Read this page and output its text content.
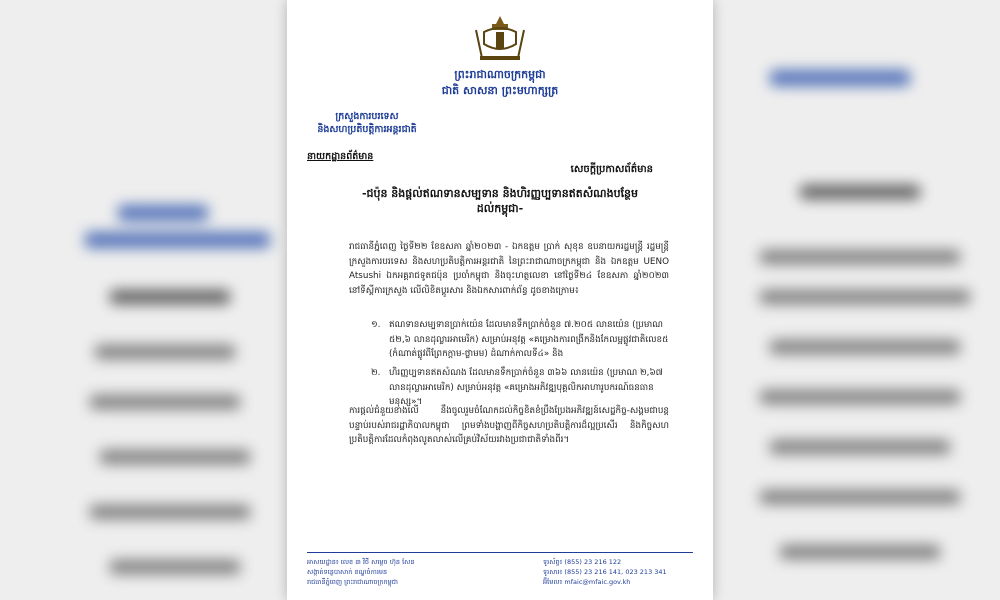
ព្រះរាជាណាចក្រកម្ពុជា
ជាតិ សាសនា ព្រះមហាក្សត្រ
ក្រសួងការបរទេស
និងសហប្រតិបត្តិការអន្តរជាតិ
នាយកដ្ឋានព័ត៌មាន
សេចក្តីប្រកាសព័ត៌មាន
-ជប៉ុន និងផ្តល់ឥណទានសម្បទាន និងហិរញ្ញប្បទានឥតសំណងបន្ថែម
ដល់កម្ពុជា-
រាជធានីភ្នំពេញ ថ្ងៃទី២២ ខែឧសភា ឆ្នាំ២០២៣ - ឯកឧត្តម ប្រាក់ សុខុន ឧបនាយករដ្ឋមន្ត្រី រដ្ឋមន្ត្រីក្រសួងការបរទេស និងសហប្រតិបត្តិការអន្តរជាតិ នៃព្រះរាជាណាចក្រកម្ពុជា និង ឯកឧត្តម UENO Atsushi ឯកអគ្គរាជទូតជប៉ុន ប្រចាំកម្ពុជា និងចុះហត្ថលេខា នៅថ្ងៃទី២៤ ខែឧសភា ឆ្នាំ២០២៣ នៅទីស្តីការក្រសួង លើលិខិតប្តូរសារ និងឯកសារពាក់ព័ន្ធ ដូចខាងក្រោម៖
១. ឥណទានសម្បទានប្រាក់យ៉េន ដែលមានទឹកប្រាក់ចំនួន ៧.២០៥ លានយ៉េន (ប្រមាណ ៥២,៦ លានដុល្លារអាមេរិក) សម្រាប់អនុវត្ត «គម្រោងការពង្រីកនិងកែលម្អផ្លូវជាតិលេខ៥ (កំណាត់ផ្លូវពីព្រែកក្តាម-ថ្លាមម) ដំណាក់កាលទី៤» និង
២. ហិរញ្ញប្បទានឥតសំណង ដែលមានទឹកប្រាក់ចំនួន ៣៦៦ លានយ៉េន (ប្រមាណ ២,៦៧ លានដុល្លារអាមេរិក) សម្រាប់អនុវត្ត «គម្រោងអភិវឌ្ឍបុគ្គលិកអាហារូបករណ៍ធនធានមនុស្ស»។
ការផ្តល់ជំនួយខាងលើ នឹងចូលរួមចំណែកដល់កិច្ចខិតខំប្រឹងប្រែងអភិវឌ្ឍន៍សេដ្ឋកិច្ច-សង្គមជាបន្តបន្ទាប់របស់រាជរដ្ឋាភិបាលកម្ពុជា ព្រមទាំងបង្ហាញពីកិច្ចសហប្រតិបត្តិការដ៏ល្អប្រសើរ និងកិច្ចសហប្រតិបត្តិការដែលកំពុងលូតលាស់លើគ្រប់វិស័យរវាងប្រជាជាតិទាំងពីរ។
អាសយដ្ឋាន៖ លេខ ៣ វិថី សម្តេច ហ៊ុន សែន
សង្កាត់ទន្លេបាសាក់ ខណ្ឌចំការមន
រាជធានីភ្នំពេញ ព្រះរាជាណាចក្រកម្ពុជា
ទូរស័ព្ទ៖ (855) 23 216 122
ទូរសារ៖ (855) 23 216 141, 023 213 341
អ៊ីមែល៖ mfaic@mfaic.gov.kh
